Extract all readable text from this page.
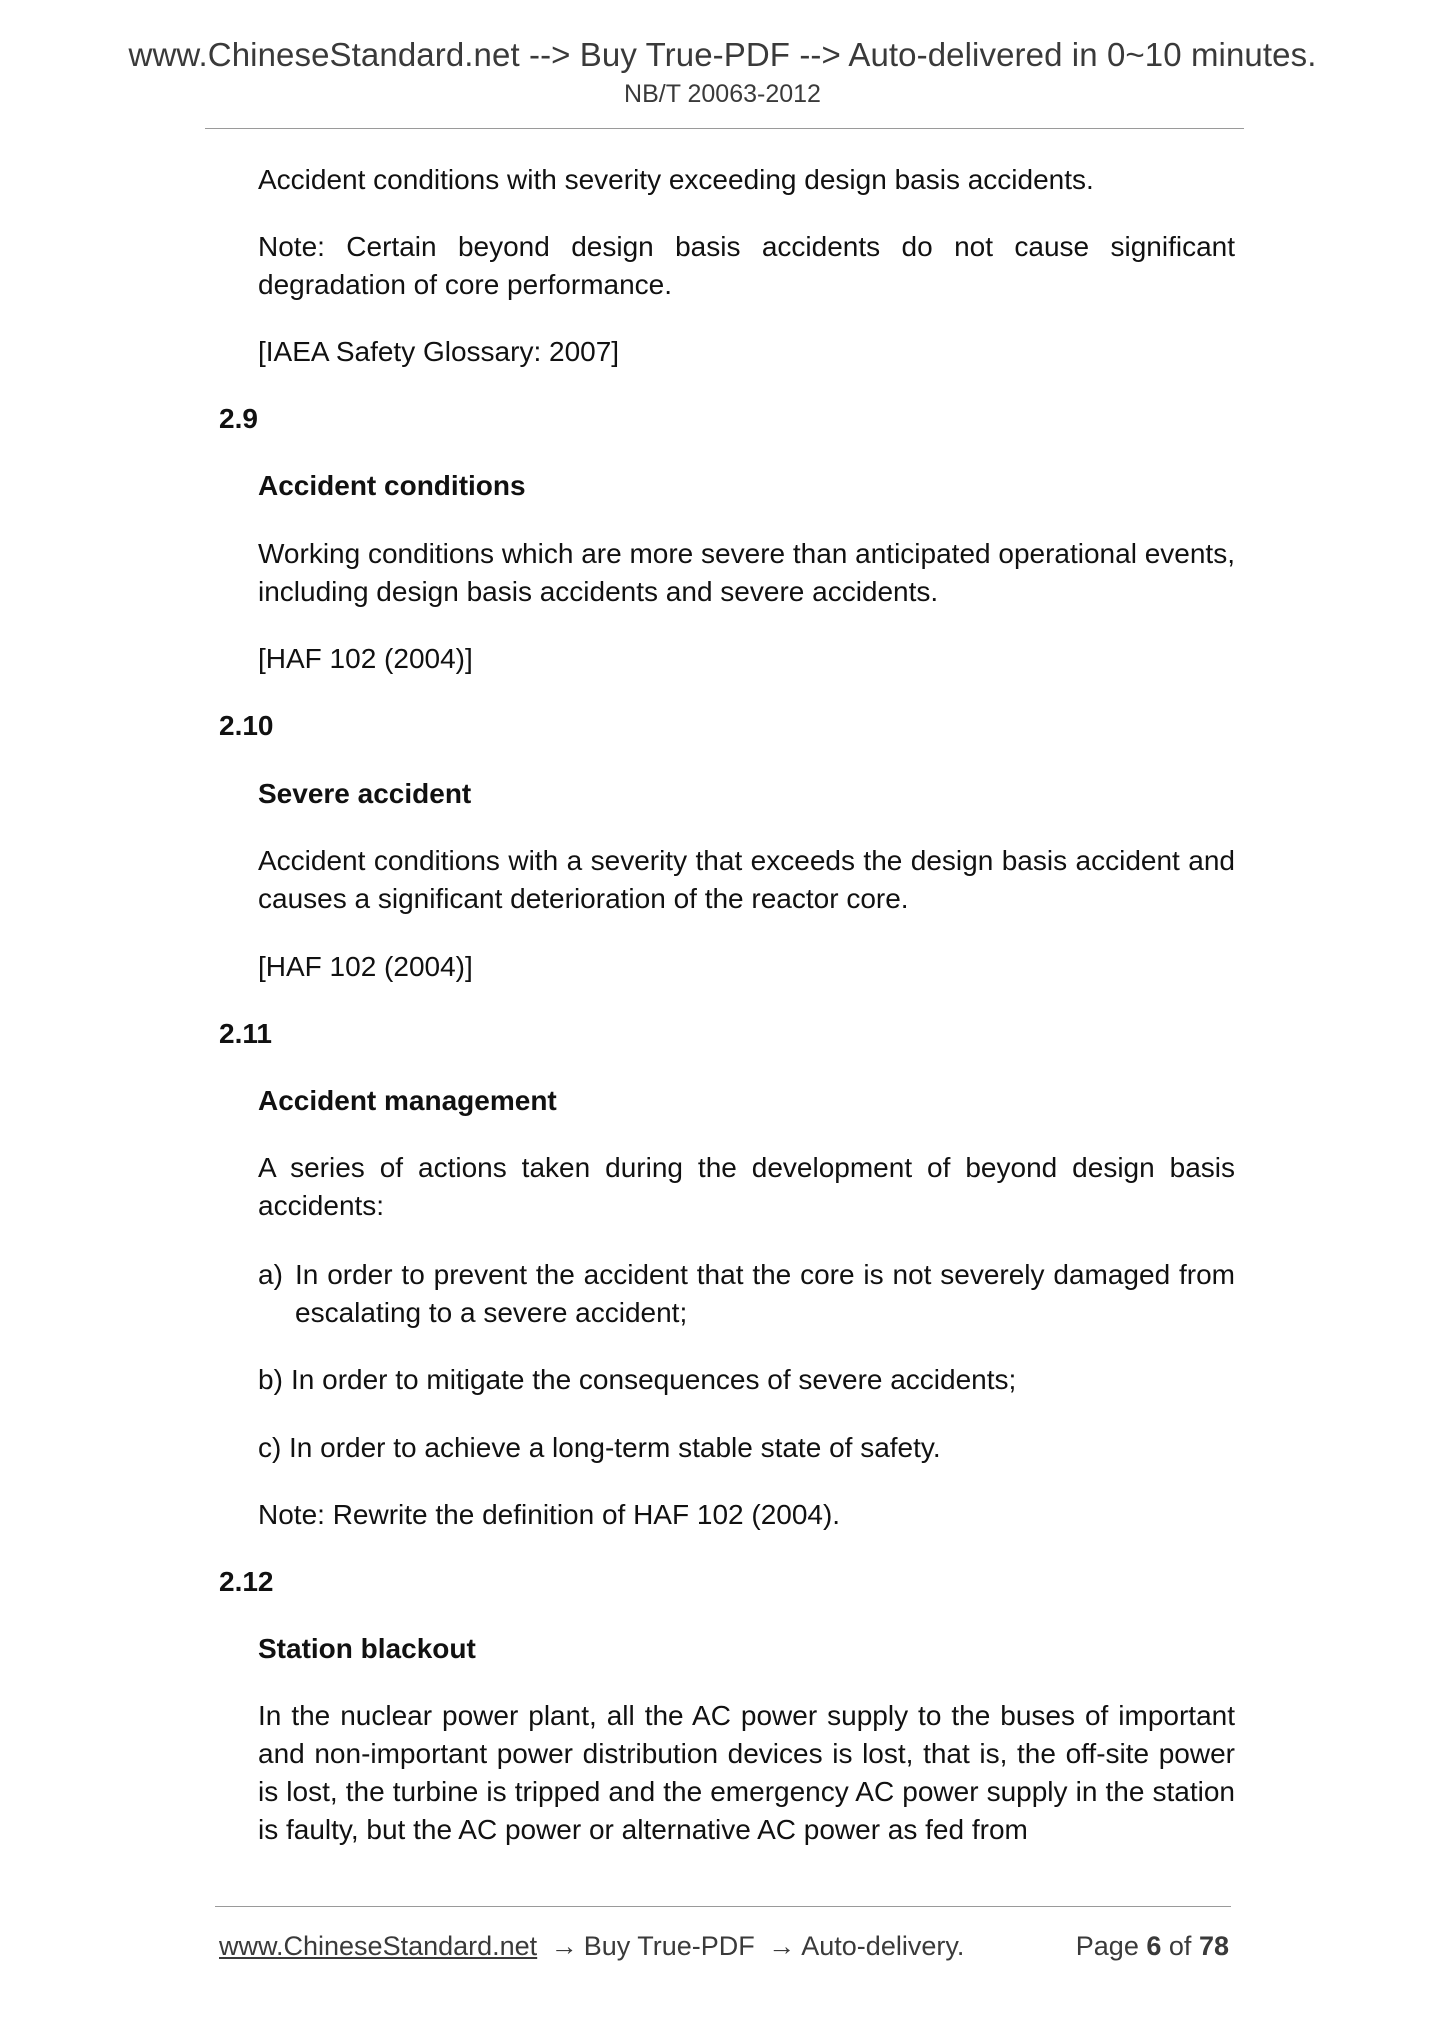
www.ChineseStandard.net --> Buy True-PDF --> Auto-delivered in 0~10 minutes.
NB/T 20063-2012
Accident conditions with severity exceeding design basis accidents.
Note: Certain beyond design basis accidents do not cause significant degradation of core performance.
[IAEA Safety Glossary: 2007]
2.9
Accident conditions
Working conditions which are more severe than anticipated operational events, including design basis accidents and severe accidents.
[HAF 102 (2004)]
2.10
Severe accident
Accident conditions with a severity that exceeds the design basis accident and causes a significant deterioration of the reactor core.
[HAF 102 (2004)]
2.11
Accident management
A series of actions taken during the development of beyond design basis accidents:
a) In order to prevent the accident that the core is not severely damaged from escalating to a severe accident;
b) In order to mitigate the consequences of severe accidents;
c) In order to achieve a long-term stable state of safety.
Note: Rewrite the definition of HAF 102 (2004).
2.12
Station blackout
In the nuclear power plant, all the AC power supply to the buses of important and non-important power distribution devices is lost, that is, the off-site power is lost, the turbine is tripped and the emergency AC power supply in the station is faulty, but the AC power or alternative AC power as fed from
www.ChineseStandard.net → Buy True-PDF → Auto-delivery.	Page 6 of 78
